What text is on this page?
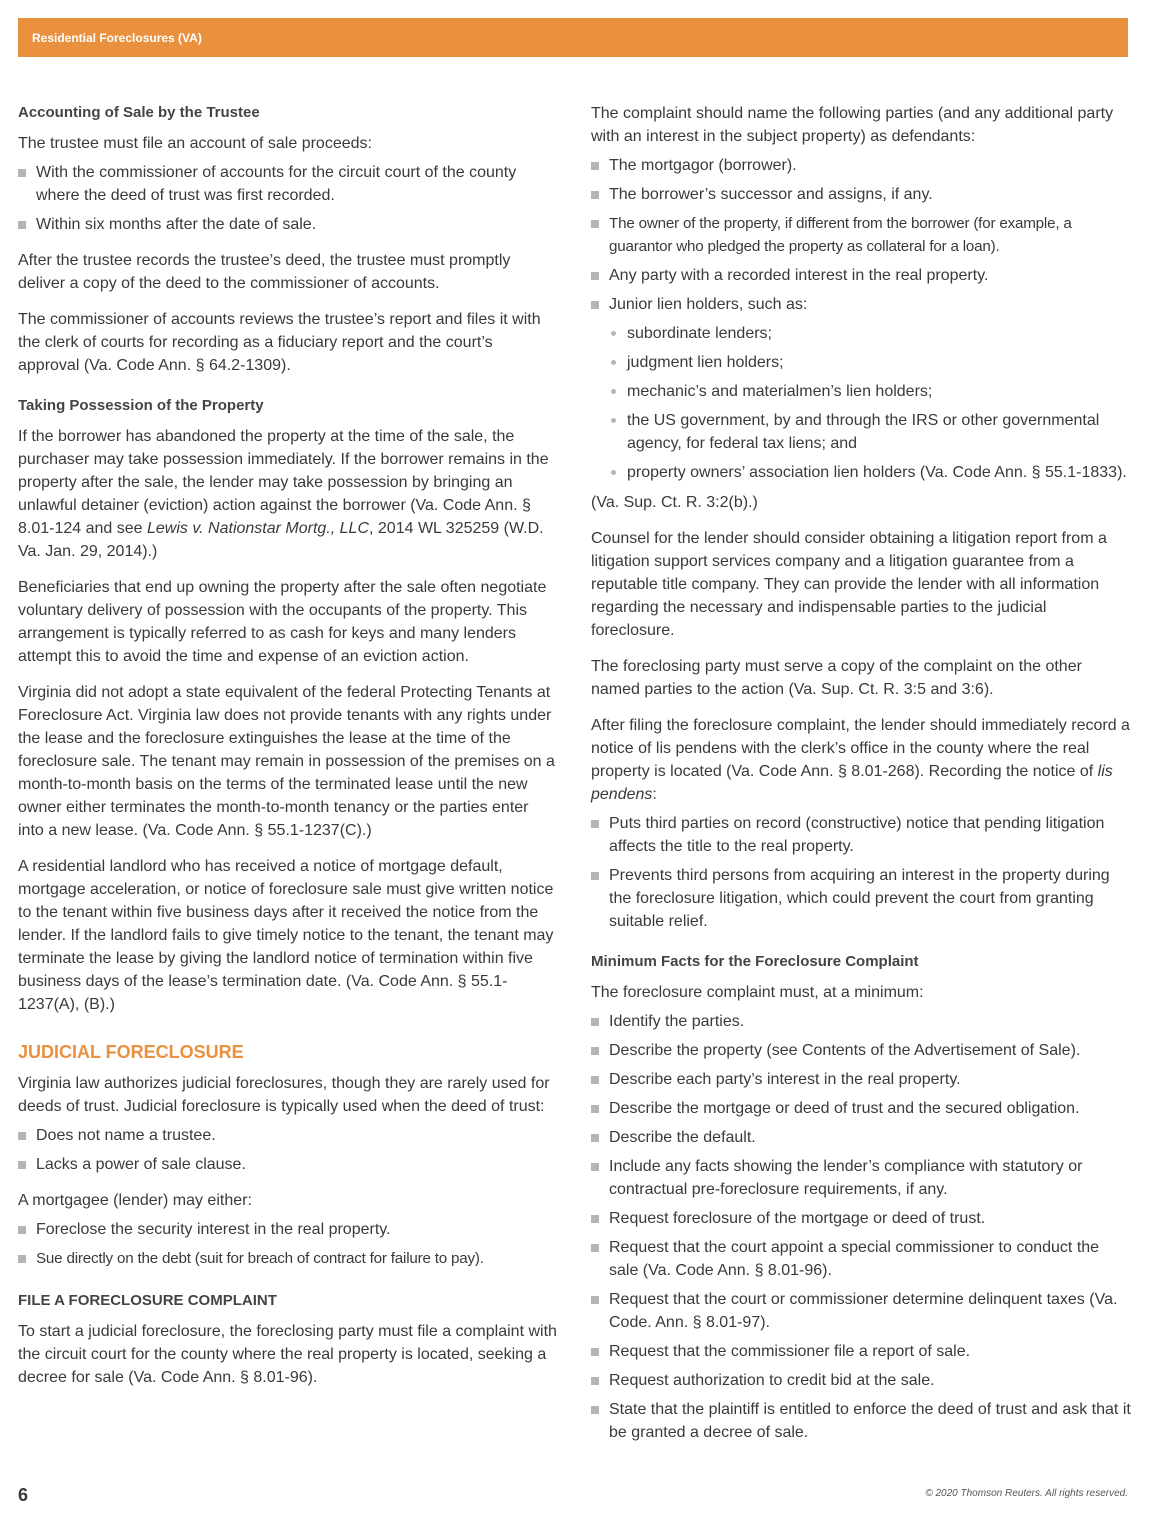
Residential Foreclosures (VA)
Accounting of Sale by the Trustee

The trustee must file an account of sale proceeds:

With the commissioner of accounts for the circuit court of the county where the deed of trust was first recorded.
Within six months after the date of sale.

After the trustee records the trustee’s deed, the trustee must promptly deliver a copy of the deed to the commissioner of accounts.

The commissioner of accounts reviews the trustee’s report and files it with the clerk of courts for recording as a fiduciary report and the court’s approval (Va. Code Ann. § 64.2-1309).

Taking Possession of the Property

If the borrower has abandoned the property at the time of the sale, the purchaser may take possession immediately. If the borrower remains in the property after the sale, the lender may take possession by bringing an unlawful detainer (eviction) action against the borrower (Va. Code Ann. § 8.01-124 and see Lewis v. Nationstar Mortg., LLC, 2014 WL 325259 (W.D. Va. Jan. 29, 2014).)

Beneficiaries that end up owning the property after the sale often negotiate voluntary delivery of possession with the occupants of the property. This arrangement is typically referred to as cash for keys and many lenders attempt this to avoid the time and expense of an eviction action.

Virginia did not adopt a state equivalent of the federal Protecting Tenants at Foreclosure Act. Virginia law does not provide tenants with any rights under the lease and the foreclosure extinguishes the lease at the time of the foreclosure sale. The tenant may remain in possession of the premises on a month-to-month basis on the terms of the terminated lease until the new owner either terminates the month-to-month tenancy or the parties enter into a new lease. (Va. Code Ann. § 55.1-1237(C).)

A residential landlord who has received a notice of mortgage default, mortgage acceleration, or notice of foreclosure sale must give written notice to the tenant within five business days after it received the notice from the lender. If the landlord fails to give timely notice to the tenant, the tenant may terminate the lease by giving the landlord notice of termination within five business days of the lease’s termination date. (Va. Code Ann. § 55.1-1237(A), (B).)

JUDICIAL FORECLOSURE

Virginia law authorizes judicial foreclosures, though they are rarely used for deeds of trust. Judicial foreclosure is typically used when the deed of trust:

Does not name a trustee.
Lacks a power of sale clause.

A mortgagee (lender) may either:

Foreclose the security interest in the real property.
Sue directly on the debt (suit for breach of contract for failure to pay).
FILE A FORECLOSURE COMPLAINT

To start a judicial foreclosure, the foreclosing party must file a complaint with the circuit court for the county where the real property is located, seeking a decree for sale (Va. Code Ann. § 8.01-96).

The complaint should name the following parties (and any additional party with an interest in the subject property) as defendants:

The mortgagor (borrower).
The borrower’s successor and assigns, if any.
The owner of the property, if different from the borrower (for example, a guarantor who pledged the property as collateral for a loan).
Any party with a recorded interest in the real property.
Junior lien holders, such as:
subordinate lenders;
judgment lien holders;
mechanic’s and materialmen’s lien holders;
the US government, by and through the IRS or other governmental agency, for federal tax liens; and
property owners’ association lien holders (Va. Code Ann. § 55.1-1833).

(Va. Sup. Ct. R. 3:2(b).)

Counsel for the lender should consider obtaining a litigation report from a litigation support services company and a litigation guarantee from a reputable title company. They can provide the lender with all information regarding the necessary and indispensable parties to the judicial foreclosure.

The foreclosing party must serve a copy of the complaint on the other named parties to the action (Va. Sup. Ct. R. 3:5 and 3:6).

After filing the foreclosure complaint, the lender should immediately record a notice of lis pendens with the clerk’s office in the county where the real property is located (Va. Code Ann. § 8.01-268). Recording the notice of lis pendens:

Puts third parties on record (constructive) notice that pending litigation affects the title to the real property.
Prevents third persons from acquiring an interest in the property during the foreclosure litigation, which could prevent the court from granting suitable relief.
Minimum Facts for the Foreclosure Complaint

The foreclosure complaint must, at a minimum:

Identify the parties.
Describe the property (see Contents of the Advertisement of Sale).
Describe each party’s interest in the real property.
Describe the mortgage or deed of trust and the secured obligation.
Describe the default.
Include any facts showing the lender’s compliance with statutory or contractual pre-foreclosure requirements, if any.
Request foreclosure of the mortgage or deed of trust.
Request that the court appoint a special commissioner to conduct the sale (Va. Code Ann. § 8.01-96).
Request that the court or commissioner determine delinquent taxes (Va. Code. Ann. § 8.01-97).
Request that the commissioner file a report of sale.
Request authorization to credit bid at the sale.
State that the plaintiff is entitled to enforce the deed of trust and ask that it be granted a decree of sale.
6	© 2020 Thomson Reuters. All rights reserved.
